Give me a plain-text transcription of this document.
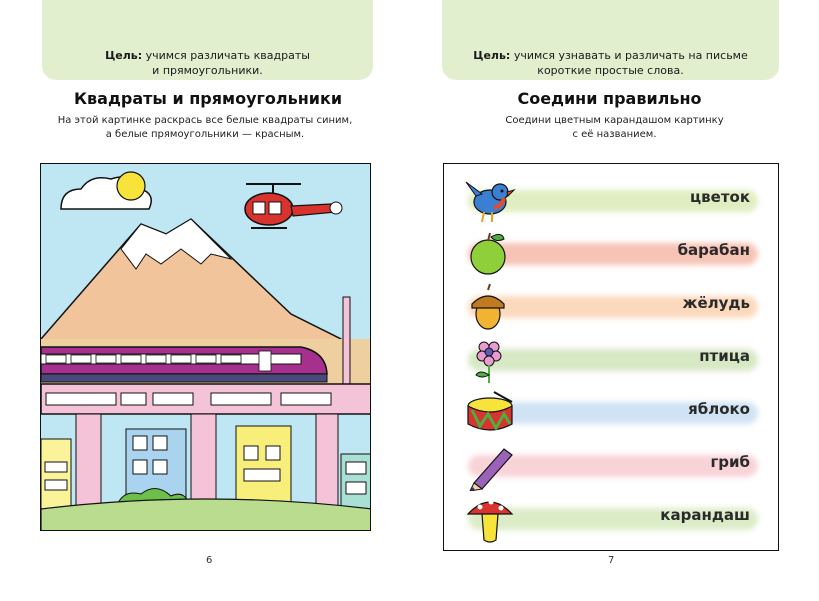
Цель: учимся различать квадраты
и прямоугольники.
Квадраты и прямоугольники
На этой картинке раскрась все белые квадраты синим,
а белые прямоугольники — красным.
6
Цель: учимся узнавать и различать на письме
короткие простые слова.
Соедини правильно
Соедини цветным карандашом картинку
с её названием.
цветок
барабан
жёлудь
птица
яблоко
гриб
карандаш
7
